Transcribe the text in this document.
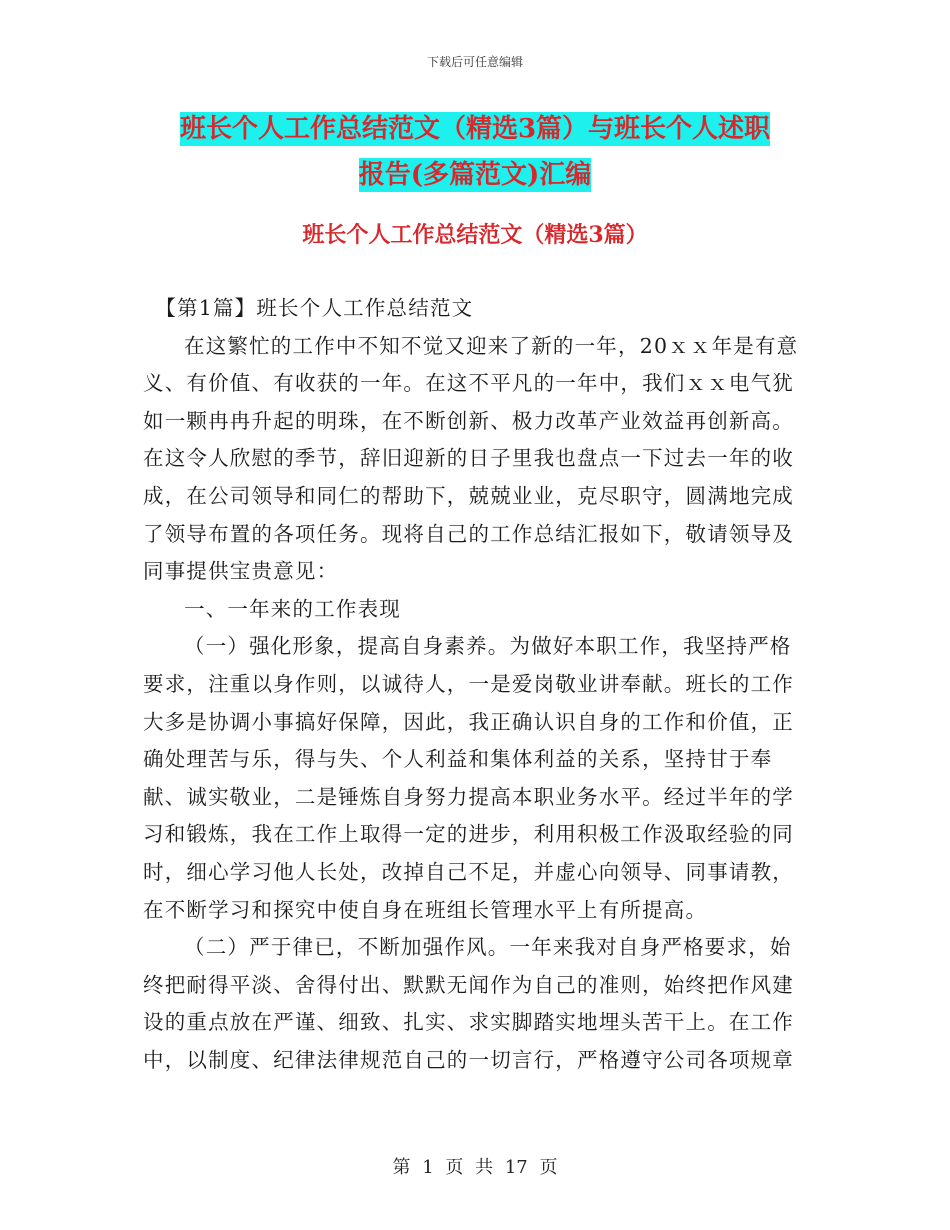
下载后可任意编辑
班长个人工作总结范文（精选3篇）与班长个人述职
报告(多篇范文)汇编
班长个人工作总结范文（精选3篇）

【第1篇】班长个人工作总结范文

在这繁忙的工作中不知不觉又迎来了新的一年，20ｘｘ年是有意义、有价值、有收获的一年。在这不平凡的一年中，我们ｘｘ电气犹如一颗冉冉升起的明珠，在不断创新、极力改革产业效益再创新高。在这令人欣慰的季节，辞旧迎新的日子里我也盘点一下过去一年的收成，在公司领导和同仁的帮助下，兢兢业业，克尽职守，圆满地完成了领导布置的各项任务。现将自己的工作总结汇报如下，敬请领导及同事提供宝贵意见：

一、一年来的工作表现

（一）强化形象，提高自身素养。为做好本职工作，我坚持严格要求，注重以身作则，以诚待人，一是爱岗敬业讲奉献。班长的工作大多是协调小事搞好保障，因此，我正确认识自身的工作和价值，正确处理苦与乐，得与失、个人利益和集体利益的关系，坚持甘于奉献、诚实敬业，二是锤炼自身努力提高本职业务水平。经过半年的学习和锻炼，我在工作上取得一定的进步，利用积极工作汲取经验的同时，细心学习他人长处，改掉自己不足，并虚心向领导、同事请教，在不断学习和探究中使自身在班组长管理水平上有所提高。

（二）严于律已，不断加强作风。一年来我对自身严格要求，始终把耐得平淡、舍得付出、默默无闻作为自己的准则，始终把作风建设的重点放在严谨、细致、扎实、求实脚踏实地埋头苦干上。在工作中，以制度、纪律法律规范自己的一切言行，严格遵守公司各项规章

第 1 页 共 17 页
